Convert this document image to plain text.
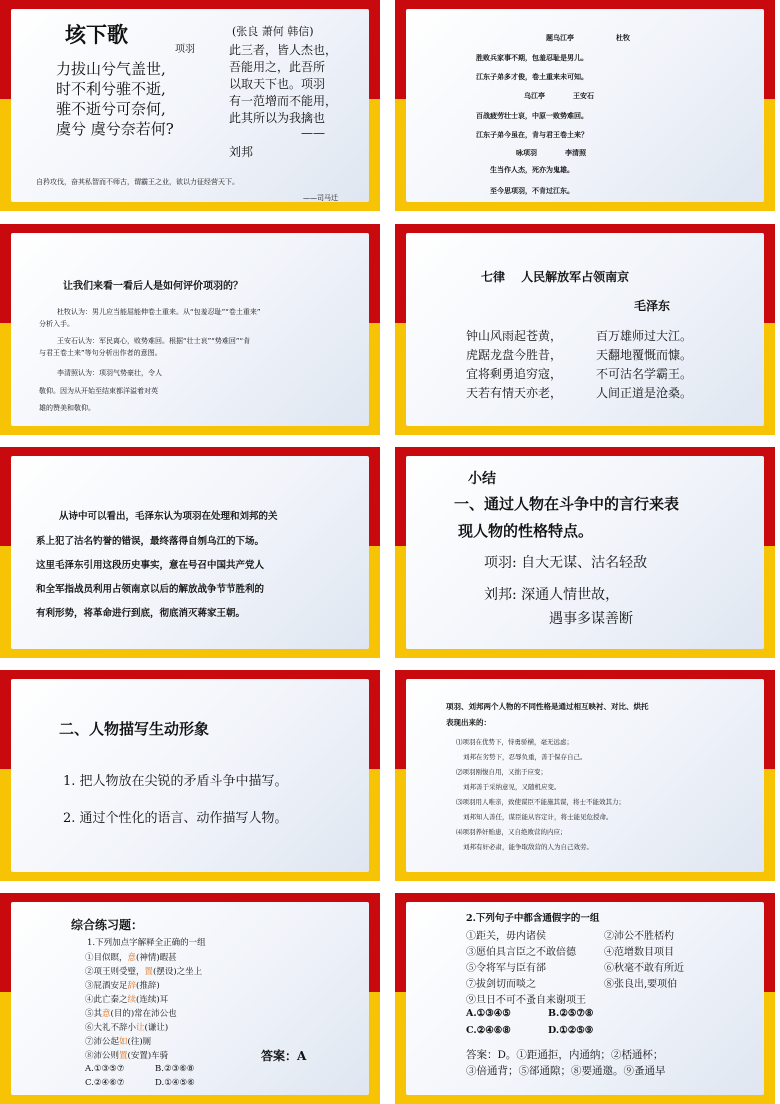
垓下歌
项羽
力拔山兮气盖世,
时不利兮骓不逝,
骓不逝兮可奈何,
虞兮 虞兮奈若何?
(张良 萧何 韩信)
此三者，皆人杰也，
吾能用之，此吾所
以取天下也。项羽
有一范增而不能用，
此其所以为我擒也
——
刘邦
自矜攻伐，奋其私智而不师古，谓霸王之业，欲以力征经营天下。
——司马迁
题乌江亭　　　　　　杜牧
胜败兵家事不期，包羞忍耻是男儿。
江东子弟多才俊，卷土重来未可知。
乌江亭　　　　王安石
百战疲劳壮士哀，中原一败势难回。
江东子弟今虽在，肯与君王卷土来？
咏项羽　　　　李清照
生当作人杰，死亦为鬼雄。
至今思项羽，不肯过江东。
让我们来看一看后人是如何评价项羽的？
杜牧认为：男儿应当能屈能伸卷土重来。从“包羞忍耻”“卷土重来”
分析入手。
王安石认为：军民离心，败势难回。根据“壮士哀”“势难回”“肯
与君王卷土来”等句分析出作者的意图。
李清照认为：项羽气势豪壮，令人
敬仰。因为从开始至结束都洋溢着对英
雄的赞美和敬仰。
七律　 人民解放军占领南京
毛泽东
钟山风雨起苍黄，	百万雄师过大江。
虎踞龙盘今胜昔，	天翻地覆慨而慷。
宜将剩勇追穷寇，	不可沽名学霸王。
天若有情天亦老，	人间正道是沧桑。
从诗中可以看出，毛泽东认为项羽在处理和刘邦的关
系上犯了沽名钓誉的错误，最终落得自刎乌江的下场。
这里毛泽东引用这段历史事实，意在号召中国共产党人
和全军指战员利用占领南京以后的解放战争节节胜利的
有利形势，将革命进行到底，彻底消灭蒋家王朝。
小结
一、通过人物在斗争中的言行来表
现人物的性格特点。
项羽: 自大无谋、沽名轻敌
刘邦: 深通人情世故，
遇事多谋善断
二、人物描写生动形象
1. 把人物放在尖锐的矛盾斗争中描写。
2. 通过个性化的语言、动作描写人物。
项羽、刘邦两个人物的不同性格是通过相互映衬、对比、烘托
表现出来的：
⑴项羽在优势下，恃勇骄横，毫无远虑；
刘邦在劣势下，忍辱负重，善于保存自己。
⑵项羽刚愎自用，又拙于应变；
刘邦善于采纳意见，又随机应变。
⑶项羽用人唯亲，致使谋臣不能施其谋，将士不能效其力；
刘邦知人善任，谋臣能从容定计，将士能见危授命。
⑷项羽养奸贻患，又自绝败营的内应；
刘邦有奸必肃，能争取敌营的人为自己效劳。
综合练习题：
1.下列加点字解释全正确的一组
①目似瞑，意(神情)暇甚
②项王则受璧，置(摆设)之坐上
③屁酒安足辞(推辞)
④此亡秦之续(连续)耳
⑤其意(目的)常在沛公也
⑥大礼不辞小让(谦让)
⑦沛公起如(往)厕
⑧沛公则置(安置)车骑
A.①③⑤⑦	B.②③⑥⑧
C.②④⑥⑦	D.①④⑤⑥
答案：A
2.下列句子中都含通假字的一组
①距关，毋内诸侯	②沛公不胜桮杓
③愿伯具言臣之不敢倍德	④范增数目项目
⑤令将军与臣有郤	⑥秋毫不敢有所近
⑦拔剑切而啖之	⑧张良出,要项伯
⑨旦日不可不蚤自来谢项王
A.①③④⑤	B.②⑤⑦⑧
C.②④⑥⑧	D.①②⑤⑨
答案：D。①距通拒，内通纳；②桮通杯；
③倍通背；⑤郤通隙；⑧要通邀。⑨蚤通早
